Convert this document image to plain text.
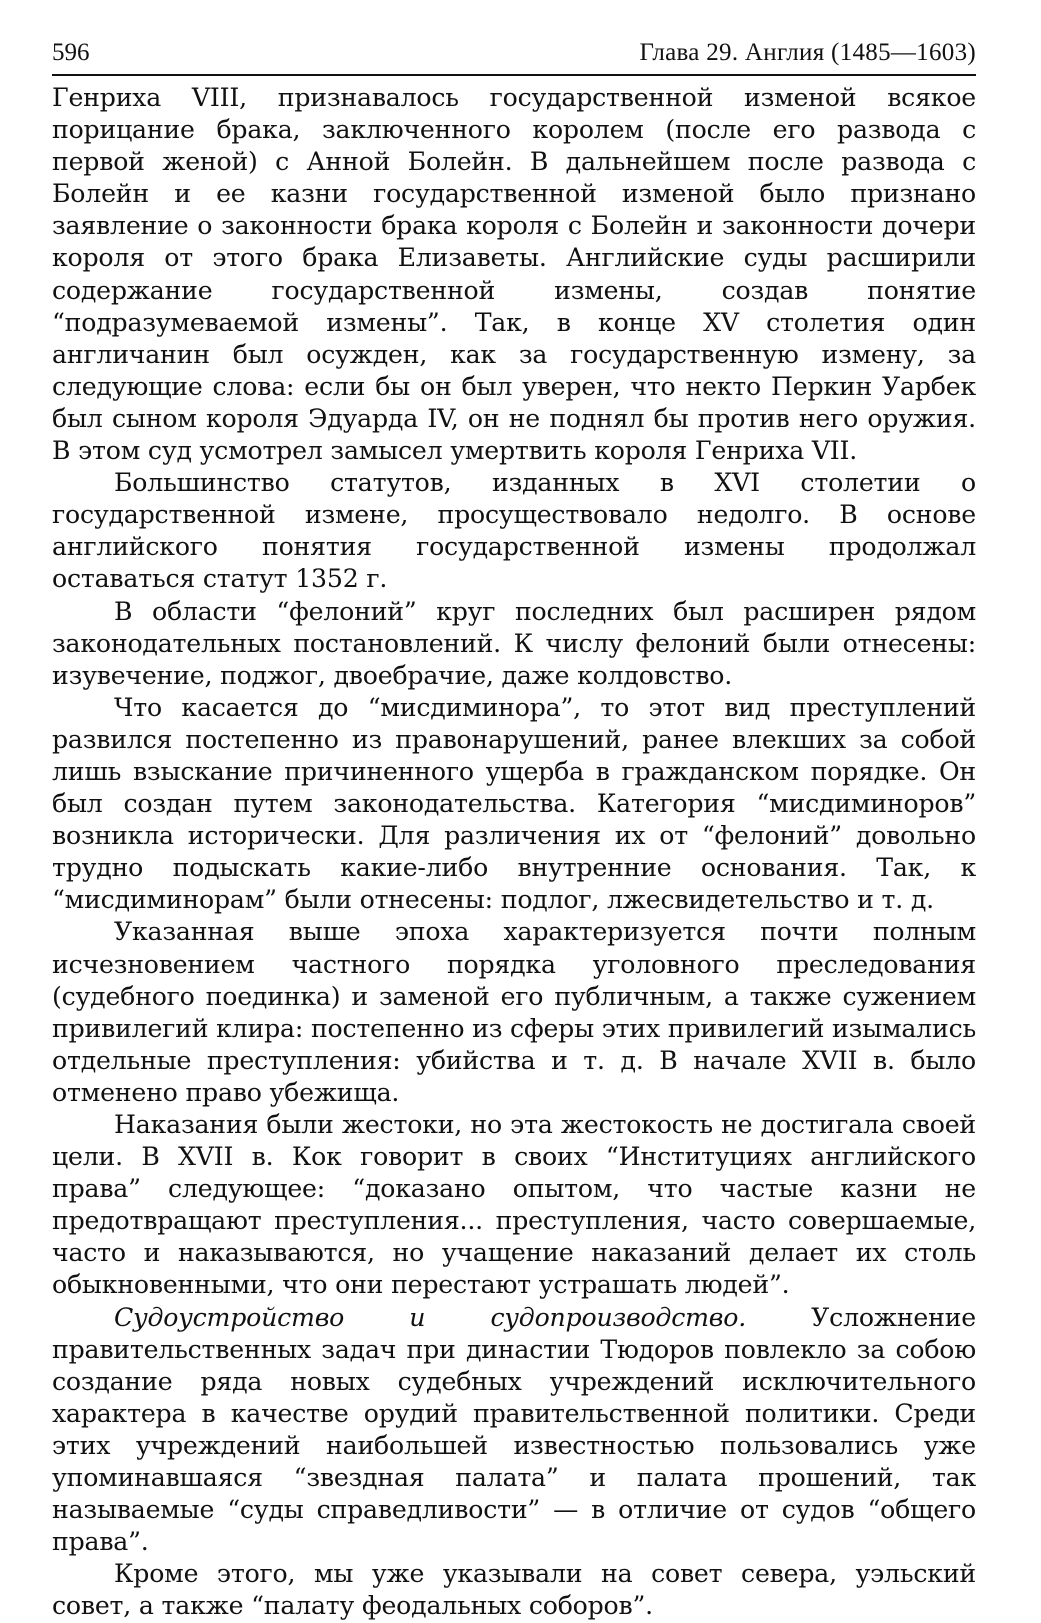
596	Глава 29. Англия (1485—1603)

Генриха VIII, признавалось государственной изменой всякое порицание брака, заключенного королем (после его развода с первой женой) с Анной Болейн. В дальнейшем после развода с Болейн и ее казни государственной изменой было признано заявление о законности брака короля с Болейн и законности дочери короля от этого брака Елизаветы. Английские суды расширили содержание государственной измены, создав понятие “подразумеваемой измены”. Так, в конце XV столетия один англичанин был осужден, как за государственную измену, за следующие слова: если бы он был уверен, что некто Перкин Уарбек был сыном короля Эдуарда IV, он не поднял бы против него оружия. В этом суд усмотрел замысел умертвить короля Генриха VII.

Большинство статутов, изданных в XVI столетии о государственной измене, просуществовало недолго. В основе английского понятия государственной измены продолжал оставаться статут 1352 г.

В области “фелоний” круг последних был расширен рядом законодательных постановлений. К числу фелоний были отнесены: изувечение, поджог, двоебрачие, даже колдовство.

Что касается до “мисдиминора”, то этот вид преступлений развился постепенно из правонарушений, ранее влекших за собой лишь взыскание причиненного ущерба в гражданском порядке. Он был создан путем законодательства. Категория “мисдиминоров” возникла исторически. Для различения их от “фелоний” довольно трудно подыскать какие-либо внутренние основания. Так, к “мисдиминорам” были отнесены: подлог, лжесвидетельство и т. д.

Указанная выше эпоха характеризуется почти полным исчезновением частного порядка уголовного преследования (судебного поединка) и заменой его публичным, а также сужением привилегий клира: постепенно из сферы этих привилегий изымались отдельные преступления: убийства и т. д. В начале XVII в. было отменено право убежища.

Наказания были жестоки, но эта жестокость не достигала своей цели. В XVII в. Кок говорит в своих “Институциях английского права” следующее: “доказано опытом, что частые казни не предотвращают преступления... преступления, часто совершаемые, часто и наказываются, но учащение наказаний делает их столь обыкновенными, что они перестают устрашать людей”.

Судоустройство и судопроизводство. Усложнение правительственных задач при династии Тюдоров повлекло за собою создание ряда новых судебных учреждений исключительного характера в качестве орудий правительственной политики. Среди этих учреждений наибольшей известностью пользовались уже упоминавшаяся “звездная палата” и палата прошений, так называемые “суды справедливости” — в отличие от судов “общего права”.

Кроме этого, мы уже указывали на совет севера, уэльский совет, а также “палату феодальных соборов”.
